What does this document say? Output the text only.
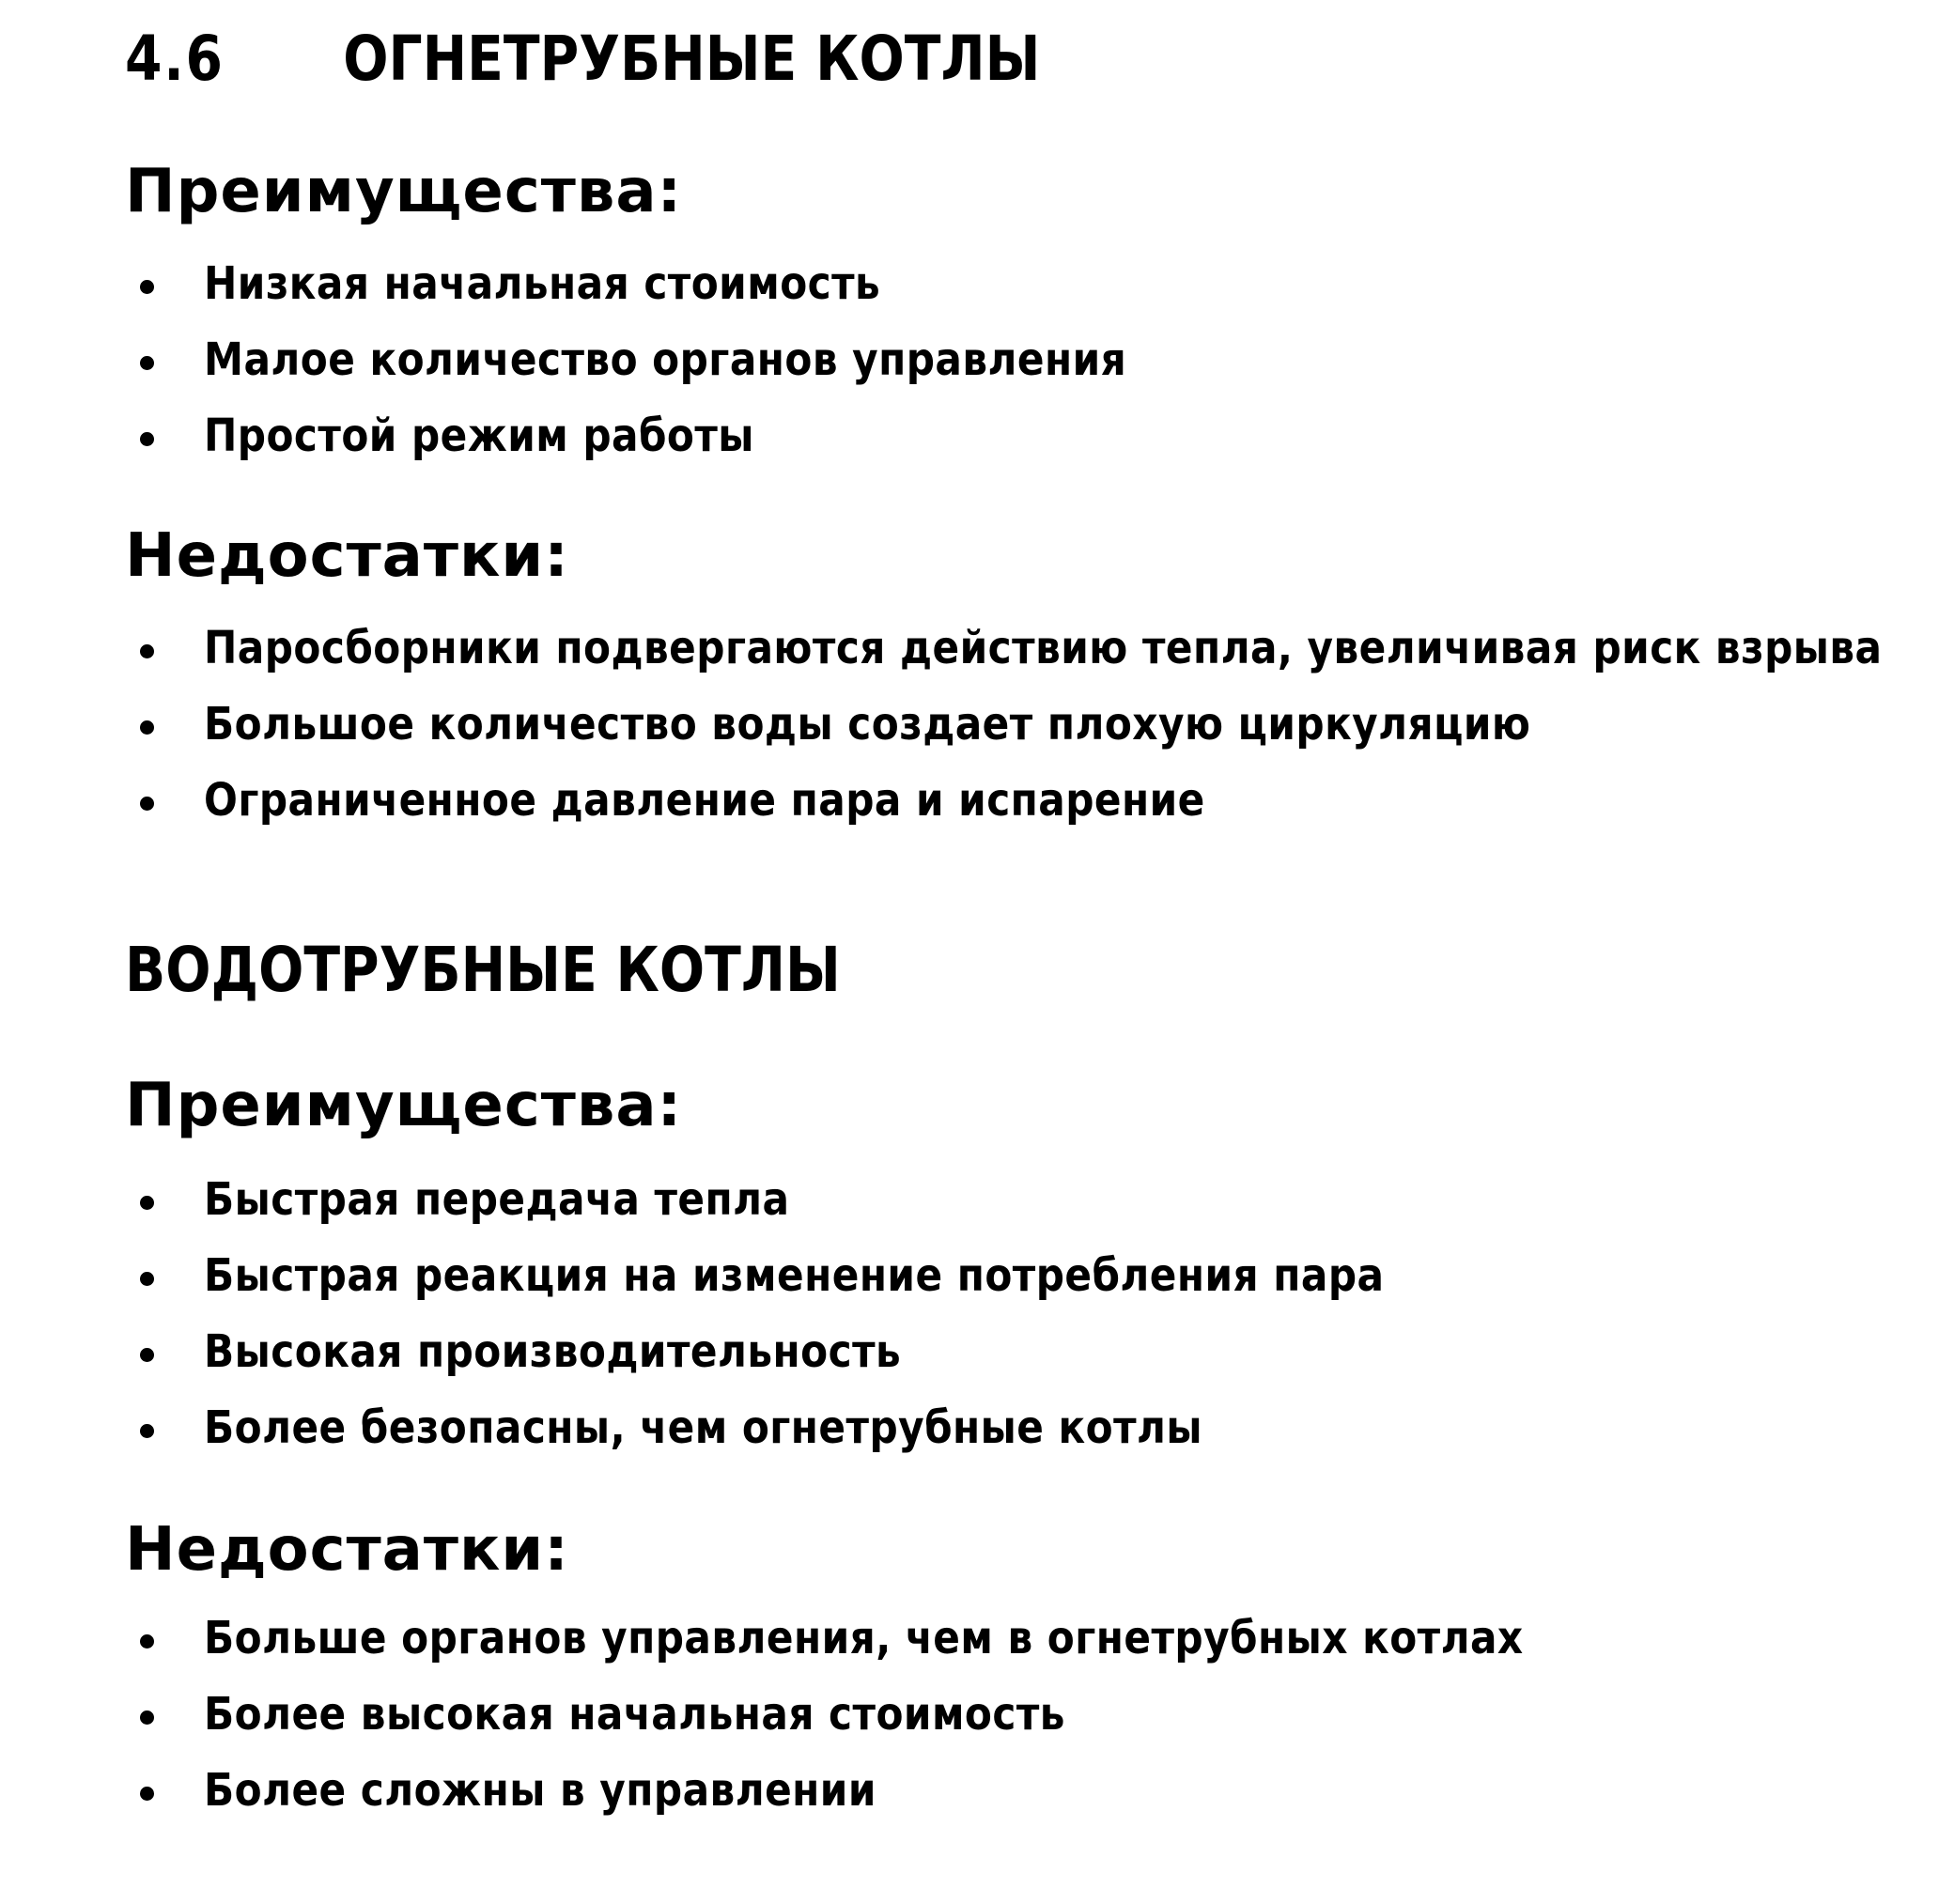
4.6 ОГНЕТРУБНЫЕ КОТЛЫ
Преимущества:
Низкая начальная стоимость
Малое количество органов управления
Простой режим работы
Недостатки:
Паросборники подвергаются действию тепла, увеличивая риск взрыва
Большое количество воды создает плохую циркуляцию
Ограниченное давление пара и испарение
ВОДОТРУБНЫЕ КОТЛЫ
Преимущества:
Быстрая передача тепла
Быстрая реакция на изменение потребления пара
Высокая производительность
Более безопасны, чем огнетрубные котлы
Недостатки:
Больше органов управления, чем в огнетрубных котлах
Более высокая начальная стоимость
Более сложны в управлении
